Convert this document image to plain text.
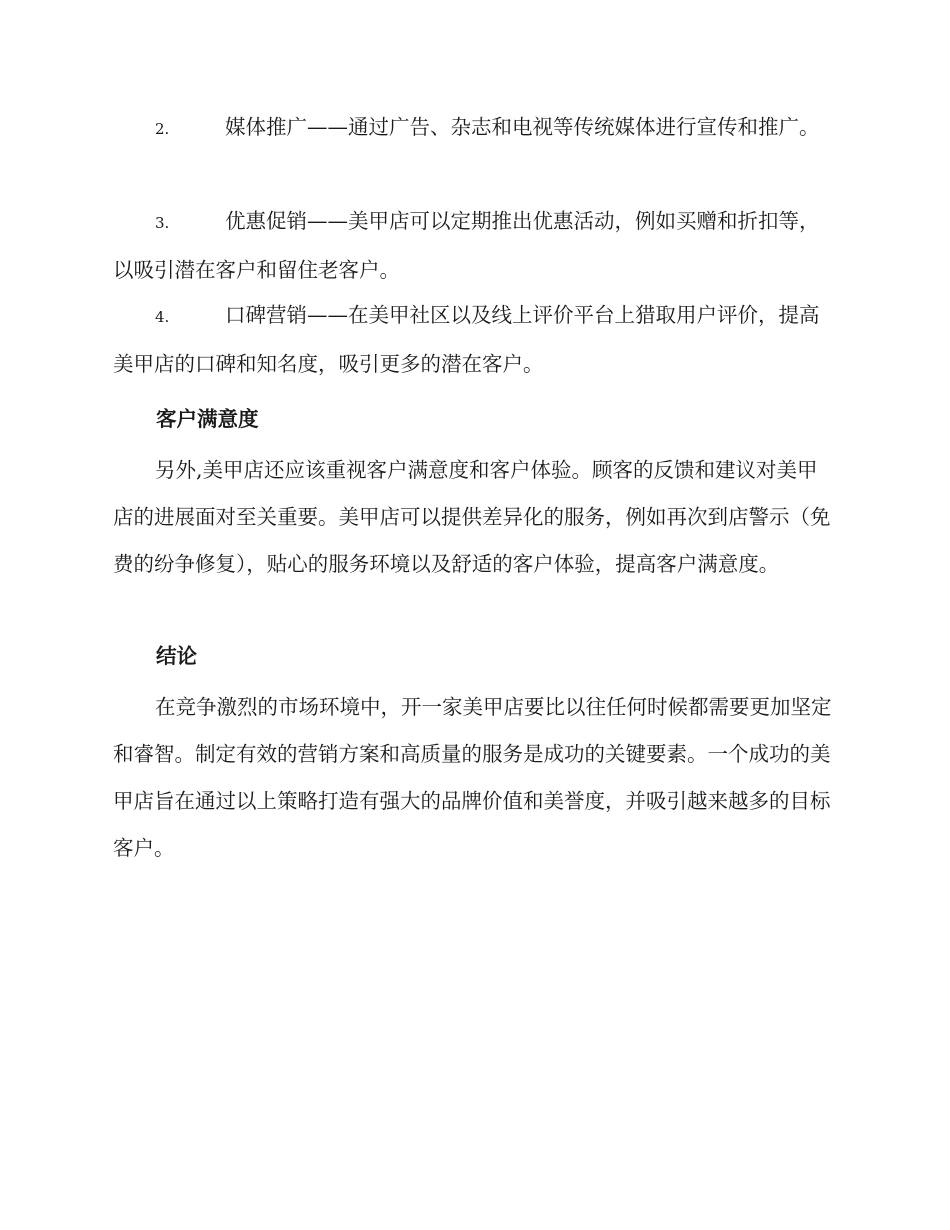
2.	媒体推广——通过广告、杂志和电视等传统媒体进行宣传和推广。

3.	优惠促销——美甲店可以定期推出优惠活动，例如买赠和折扣等，以吸引潜在客户和留住老客户。

4.	口碑营销——在美甲社区以及线上评价平台上猎取用户评价，提高美甲店的口碑和知名度，吸引更多的潜在客户。

客户满意度

另外,美甲店还应该重视客户满意度和客户体验。顾客的反馈和建议对美甲店的进展面对至关重要。美甲店可以提供差异化的服务，例如再次到店警示（免费的纷争修复），贴心的服务环境以及舒适的客户体验，提高客户满意度。

结论

在竞争激烈的市场环境中，开一家美甲店要比以往任何时候都需要更加坚定和睿智。制定有效的营销方案和高质量的服务是成功的关键要素。一个成功的美甲店旨在通过以上策略打造有强大的品牌价值和美誉度，并吸引越来越多的目标客户。
